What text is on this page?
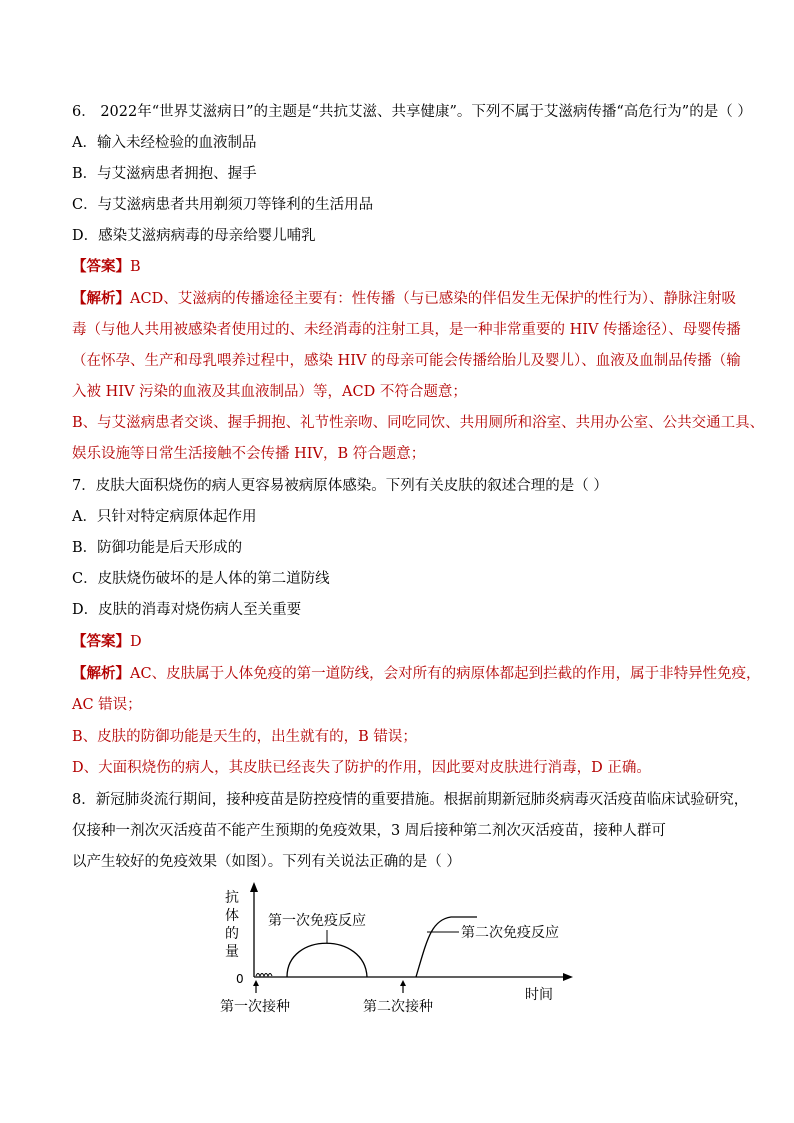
6． 2022年“世界艾滋病日”的主题是“共抗艾滋、共享健康”。下列不属于艾滋病传播“高危行为”的是（ ）
A．输入未经检验的血液制品
B．与艾滋病患者拥抱、握手
C．与艾滋病患者共用剃须刀等锋利的生活用品
D．感染艾滋病病毒的母亲给婴儿哺乳
【答案】B
【解析】ACD、艾滋病的传播途径主要有：性传播（与已感染的伴侣发生无保护的性行为）、静脉注射吸
毒（与他人共用被感染者使用过的、未经消毒的注射工具，是一种非常重要的 HIV 传播途径）、母婴传播
（在怀孕、生产和母乳喂养过程中，感染 HIV 的母亲可能会传播给胎儿及婴儿）、血液及血制品传播（输
入被 HIV 污染的血液及其血液制品）等，ACD 不符合题意；
B、与艾滋病患者交谈、握手拥抱、礼节性亲吻、同吃同饮、共用厕所和浴室、共用办公室、公共交通工具、
娱乐设施等日常生活接触不会传播 HIV，B 符合题意；
7．皮肤大面积烧伤的病人更容易被病原体感染。下列有关皮肤的叙述合理的是（ ）
A．只针对特定病原体起作用
B．防御功能是后天形成的
C．皮肤烧伤破坏的是人体的第二道防线
D．皮肤的消毒对烧伤病人至关重要
【答案】D
【解析】AC、皮肤属于人体免疫的第一道防线，会对所有的病原体都起到拦截的作用，属于非特异性免疫，
AC 错误；
B、皮肤的防御功能是天生的，出生就有的，B 错误；
D、大面积烧伤的病人，其皮肤已经丧失了防护的作用，因此要对皮肤进行消毒，D 正确。
8．新冠肺炎流行期间，接种疫苗是防控疫情的重要措施。根据前期新冠肺炎病毒灭活疫苗临床试验研究，
仅接种一剂次灭活疫苗不能产生预期的免疫效果，3 周后接种第二剂次灭活疫苗，接种人群可
以产生较好的免疫效果（如图）。下列有关说法正确的是（ ）
抗
体
的
量
0
第一次免疫反应
第二次免疫反应
时间
第一次接种	第二次接种
